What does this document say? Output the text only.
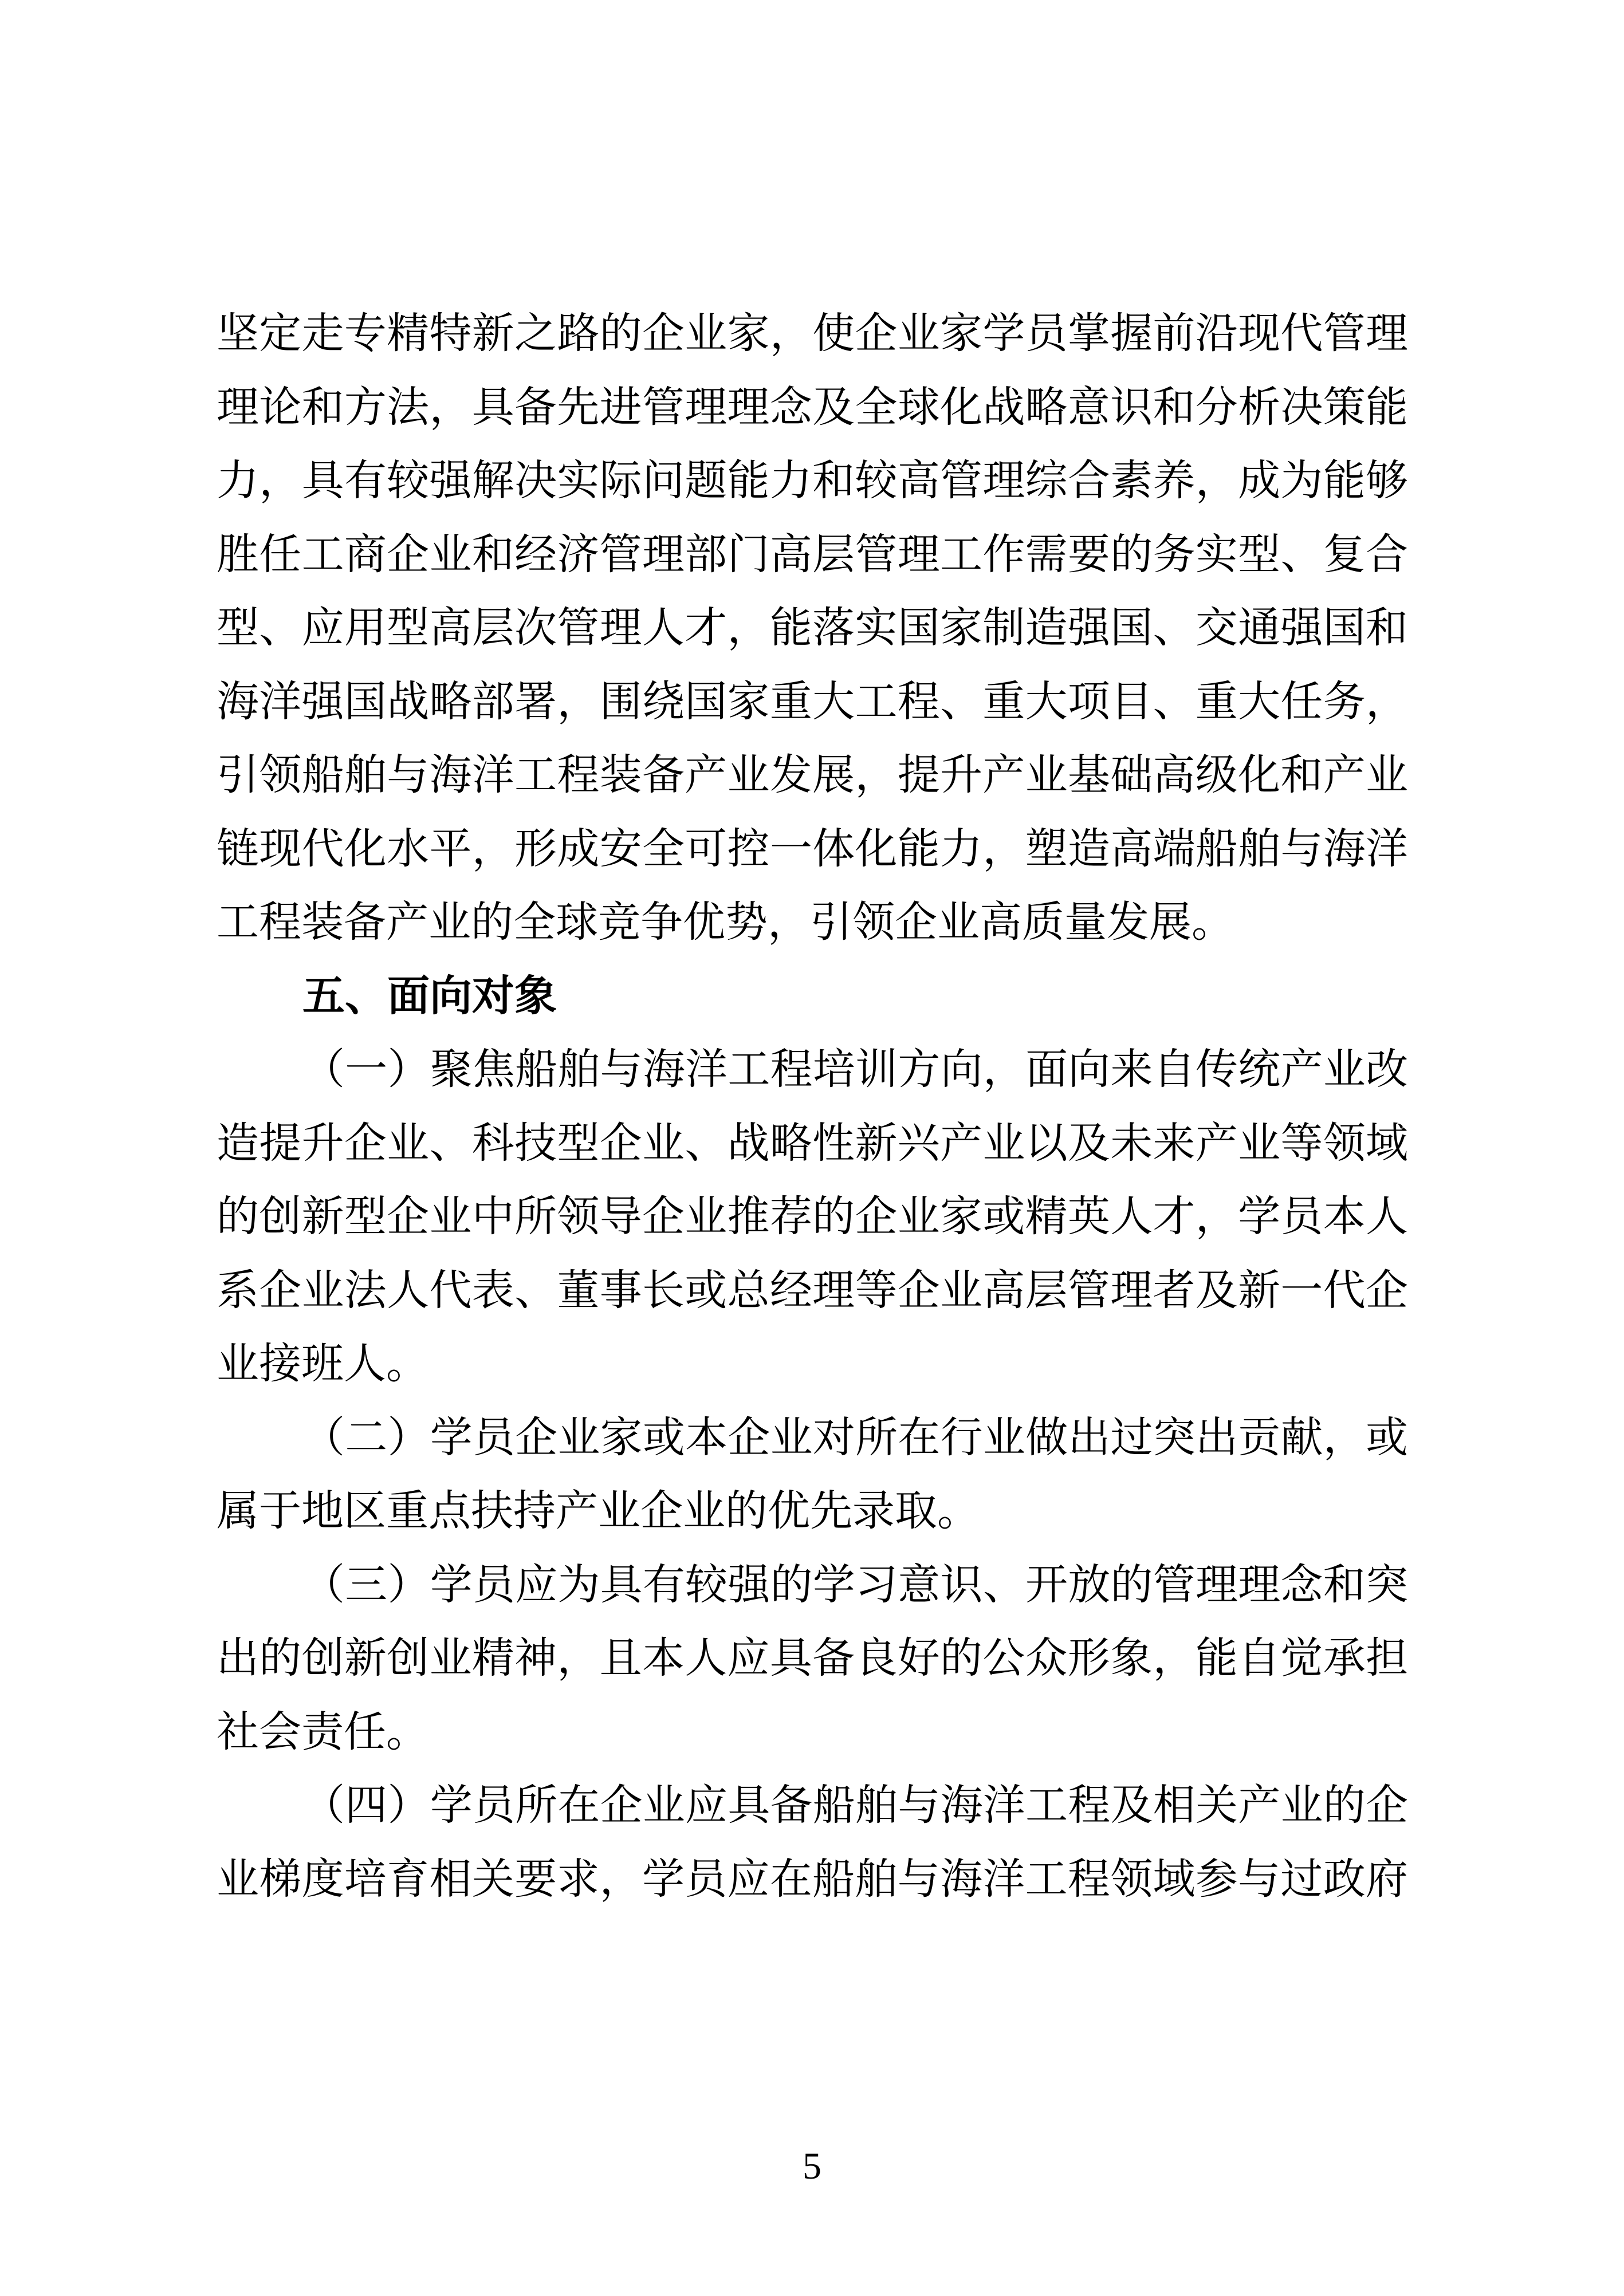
坚定走专精特新之路的企业家，使企业家学员掌握前沿现代管理
理论和方法，具备先进管理理念及全球化战略意识和分析决策能
力，具有较强解决实际问题能力和较高管理综合素养，成为能够
胜任工商企业和经济管理部门高层管理工作需要的务实型、复合
型、应用型高层次管理人才，能落实国家制造强国、交通强国和
海洋强国战略部署，围绕国家重大工程、重大项目、重大任务，
引领船舶与海洋工程装备产业发展，提升产业基础高级化和产业
链现代化水平，形成安全可控一体化能力，塑造高端船舶与海洋
工程装备产业的全球竞争优势，引领企业高质量发展。
五、面向对象
（一）聚焦船舶与海洋工程培训方向，面向来自传统产业改
造提升企业、科技型企业、战略性新兴产业以及未来产业等领域
的创新型企业中所领导企业推荐的企业家或精英人才，学员本人
系企业法人代表、董事长或总经理等企业高层管理者及新一代企
业接班人。
（二）学员企业家或本企业对所在行业做出过突出贡献，或
属于地区重点扶持产业企业的优先录取。
（三）学员应为具有较强的学习意识、开放的管理理念和突
出的创新创业精神，且本人应具备良好的公众形象，能自觉承担
社会责任。
（四）学员所在企业应具备船舶与海洋工程及相关产业的企
业梯度培育相关要求，学员应在船舶与海洋工程领域参与过政府
5
